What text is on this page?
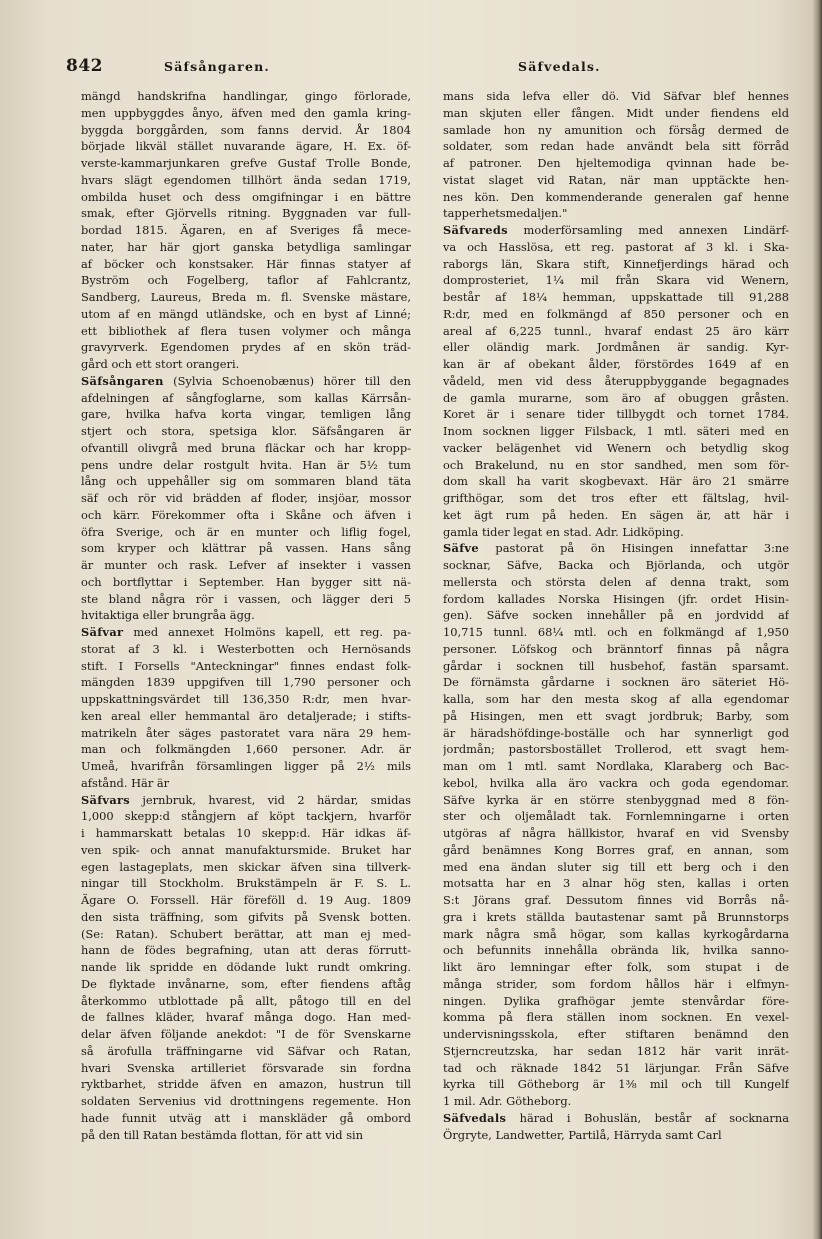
842	Säfsångaren.	Säfvedals.

mängd handskrifna handlingar, gingo förlorade,
men uppbyggdes ånyo, äfven med den gamla kring-
byggda borggården, som fanns dervid. År 1804
började likväl stället nuvarande ägare, H. Ex. öf-
verste-kammarjunkaren grefve Gustaf Trolle Bonde,
hvars slägt egendomen tillhört ända sedan 1719,
ombilda huset och dess omgifningar i en bättre
smak, efter Gjörvells ritning. Byggnaden var full-
bordad 1815. Ägaren, en af Sveriges få mece-
nater, har här gjort ganska betydliga samlingar
af böcker och konstsaker. Här finnas statyer af
Byström och Fogelberg, taflor af Fahlcrantz,
Sandberg, Laureus, Breda m. fl. Svenske mästare,
utom af en mängd utländske, och en byst af Linné;
ett bibliothek af flera tusen volymer och många
gravyrverk. Egendomen prydes af en skön träd-
gård och ett stort orangeri.

Säfsångaren (Sylvia Schoenobænus) hörer till den
afdelningen af sångfoglarne, som kallas Kärrsån-
gare, hvilka hafva korta vingar, temligen lång
stjert och stora, spetsiga klor. Säfsångaren är
ofvantill olivgrå med bruna fläckar och har kropp-
pens undre delar rostgult hvita. Han är 5½ tum
lång och uppehåller sig om sommaren bland täta
säf och rör vid brädden af floder, insjöar, mossor
och kärr. Förekommer ofta i Skåne och äfven i
öfra Sverige, och är en munter och liflig fogel,
som kryper och klättrar på vassen. Hans sång
är munter och rask. Lefver af insekter i vassen
och bortflyttar i September. Han bygger sitt nä-
ste bland några rör i vassen, och lägger deri 5
hvitaktiga eller brungråa ägg.

Säfvar med annexet Holmöns kapell, ett reg. pa-
storat af 3 kl. i Westerbotten och Hernösands
stift. I Forsells "Anteckningar" finnes endast folk-
mängden 1839 uppgifven till 1,790 personer och
uppskattningsvärdet till 136,350 R:dr, men hvar-
ken areal eller hemmantal äro detaljerade; i stifts-
matrikeln åter säges pastoratet vara nära 29 hem-
man och folkmängden 1,660 personer. Adr. är
Umeå, hvarifrån församlingen ligger på 2½ mils
afstånd. Här är

Säfvars jernbruk, hvarest, vid 2 härdar, smidas
1,000 skepp:d stångjern af köpt tackjern, hvarför
i hammarskatt betalas 10 skepp:d. Här idkas äf-
ven spik- och annat manufaktursmide. Bruket har
egen lastageplats, men skickar äfven sina tillverk-
ningar till Stockholm. Brukstämpeln är F. S. L.
Ägare O. Forssell. Här föreföll d. 19 Aug. 1809
den sista träffning, som gifvits på Svensk botten.
(Se: Ratan). Schubert berättar, att man ej med-
hann de födes begrafning, utan att deras förrutt-
nande lik spridde en dödande lukt rundt omkring.
De flyktade invånarne, som, efter fiendens aftåg
återkommo utblottade på allt, påtogo till en del
de fallnes kläder, hvaraf många dogo. Han med-
delar äfven följande anekdot: "I de för Svenskarne
så ärofulla träffningarne vid Säfvar och Ratan,
hvari Svenska artilleriet försvarade sin fordna
ryktbarhet, stridde äfven en amazon, hustrun till
soldaten Servenius vid drottningens regemente. Hon
hade funnit utväg att i manskläder gå ombord
på den till Ratan bestämda flottan, för att vid sin

mans sida lefva eller dö. Vid Säfvar blef hennes
man skjuten eller fången. Midt under fiendens eld
samlade hon ny amunition och försåg dermed de
soldater, som redan hade användt bela sitt förråd
af patroner. Den hjeltemodiga qvinnan hade be-
vistat slaget vid Ratan, när man upptäckte hen-
nes kön. Den kommenderande generalen gaf henne
tapperhetsmedaljen."

Säfvareds moderförsamling med annexen Lindärf-
va och Hasslösa, ett reg. pastorat af 3 kl. i Ska-
raborgs län, Skara stift, Kinnefjerdings härad och
domprosteriet, 1¼ mil från Skara vid Wenern,
består af 18¼ hemman, uppskattade till 91,288
R:dr, med en folkmängd af 850 personer och en
areal af 6,225 tunnl., hvaraf endast 25 äro kärr
eller oländig mark. Jordmånen är sandig. Kyr-
kan är af obekant ålder, förstördes 1649 af en
vådeld, men vid dess återuppbyggande begagnades
de gamla murarne, som äro af obuggen gråsten.
Koret är i senare tider tillbygdt och tornet 1784.
Inom socknen ligger Filsback, 1 mtl. säteri med en
vacker belägenhet vid Wenern och betydlig skog
och Brakelund, nu en stor sandhed, men som för-
dom skall ha varit skogbevaxt. Här äro 21 smärre
grifthögar, som det tros efter ett fältslag, hvil-
ket ägt rum på heden. En sägen är, att här i
gamla tider legat en stad. Adr. Lidköping.

Säfve pastorat på ön Hisingen innefattar 3:ne
socknar, Säfve, Backa och Björlanda, och utgör
mellersta och största delen af denna trakt, som
fordom kallades Norska Hisingen (jfr. ordet Hisin-
gen). Säfve socken innehåller på en jordvidd af
10,715 tunnl. 68¼ mtl. och en folkmängd af 1,950
personer. Löfskog och bränntorf finnas på några
gårdar i socknen till husbehof, fastän sparsamt.
De förnämsta gårdarne i socknen äro säteriet Hö-
kalla, som har den mesta skog af alla egendomar
på Hisingen, men ett svagt jordbruk; Barby, som
är häradshöfdinge-boställe och har synnerligt god
jordmån; pastorsbostället Trollerod, ett svagt hem-
man om 1 mtl. samt Nordlaka, Klaraberg och Bac-
kebol, hvilka alla äro vackra och goda egendomar.
Säfve kyrka är en större stenbyggnad med 8 fön-
ster och oljemåladt tak. Fornlemningarne i orten
utgöras af några hällkistor, hvaraf en vid Svensby
gård benämnes Kong Borres graf, en annan, som
med ena ändan sluter sig till ett berg och i den
motsatta har en 3 alnar hög sten, kallas i orten
S:t Jörans graf. Dessutom finnes vid Borrås nå-
gra i krets ställda bautastenar samt på Brunnstorps
mark några små högar, som kallas kyrkogårdarna
och befunnits innehålla obrända lik, hvilka sanno-
likt äro lemningar efter folk, som stupat i de
många strider, som fordom hållos här i elfmyn-
ningen. Dylika grafhögar jemte stenvårdar före-
komma på flera ställen inom socknen. En vexel-
undervisningsskola, efter stiftaren benämnd den
Stjerncreutzska, har sedan 1812 här varit inrät-
tad och räknade 1842 51 lärjungar. Från Säfve
kyrka till Götheborg är 1⅜ mil och till Kungelf
1 mil. Adr. Götheborg.

Säfvedals härad i Bohuslän, består af socknarna
Örgryte, Landwetter, Partilå, Härryda samt Carl
